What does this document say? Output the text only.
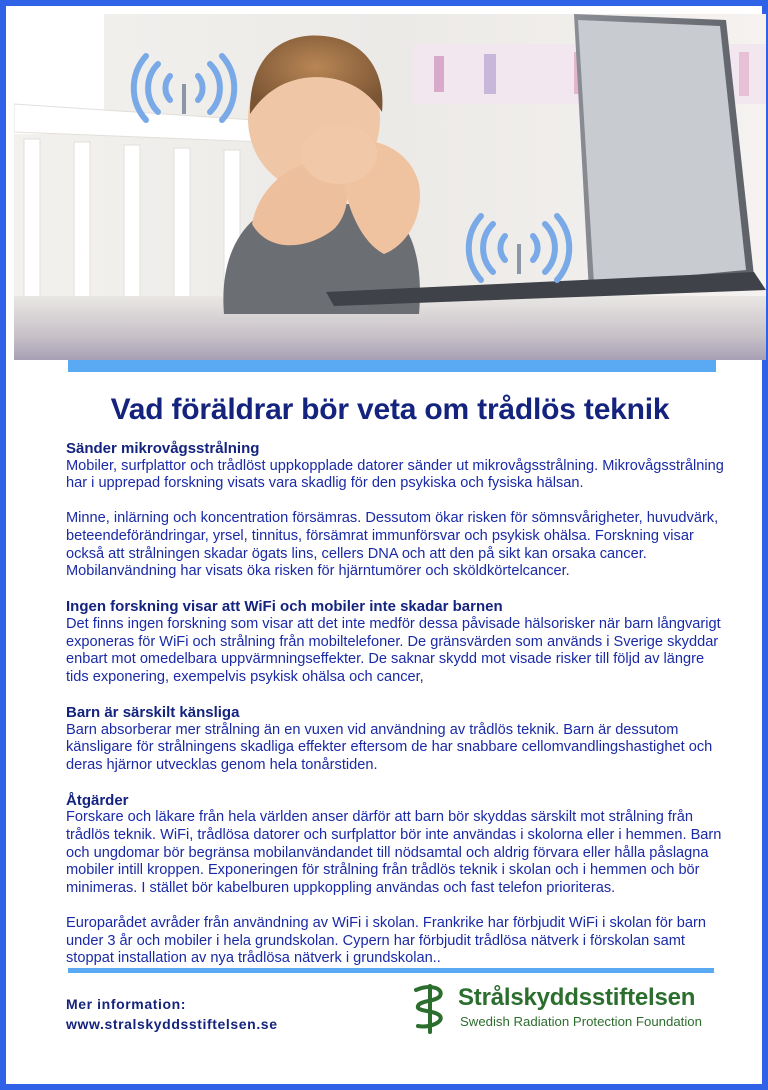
Vad föräldrar bör veta om trådlös teknik
Sänder mikrovågsstrålning

Mobiler, surfplattor och trådlöst uppkopplade datorer sänder ut mikrovågsstrålning. Mikrovågsstrålning har i upprepad forskning visats vara skadlig för den psykiska och fysiska hälsan.

Minne, inlärning och koncentration försämras. Dessutom ökar risken för sömnsvårigheter, huvudvärk, beteendeförändringar, yrsel, tinnitus, försämrat immunförsvar och psykisk ohälsa. Forskning visar också att strålningen skadar ögats lins, cellers DNA och att den på sikt kan orsaka cancer. Mobilanvändning har visats öka risken för hjärntumörer och sköldkörtelcancer.

Ingen forskning visar att WiFi och mobiler inte skadar barnen

Det finns ingen forskning som visar att det inte medför dessa påvisade hälsorisker när barn långvarigt exponeras för WiFi och strålning från mobiltelefoner. De gränsvärden som används i Sverige skyddar enbart mot omedelbara uppvärmningseffekter. De saknar skydd mot visade risker till följd av längre tids exponering, exempelvis psykisk ohälsa och cancer,

Barn är särskilt känsliga

Barn absorberar mer strålning än en vuxen vid användning av trådlös teknik. Barn är dessutom känsligare för strålningens skadliga effekter eftersom de har snabbare cellomvandlingshastighet och deras hjärnor utvecklas genom hela tonårstiden.

Åtgärder

Forskare och läkare från hela världen anser därför att barn bör skyddas särskilt mot strålning från trådlös teknik. WiFi, trådlösa datorer och surfplattor bör inte användas i skolorna eller i hemmen. Barn och ungdomar bör begränsa mobilanvändandet till nödsamtal och aldrig förvara eller hålla påslagna mobiler intill kroppen. Exponeringen för strålning från trådlös teknik i skolan och i hemmen och bör minimeras. I stället bör kabelburen uppkoppling användas och fast telefon prioriteras.

Europarådet avråder från användning av WiFi i skolan. Frankrike har förbjudit WiFi i skolan för barn under 3 år och mobiler i hela grundskolan. Cypern har förbjudit trådlösa nätverk i förskolan samt stoppat installation av nya trådlösa nätverk i grundskolan..

Mer information:
www.stralskyddsstiftelsen.se
Strålskyddsstiftelsen
Swedish Radiation Protection Foundation
